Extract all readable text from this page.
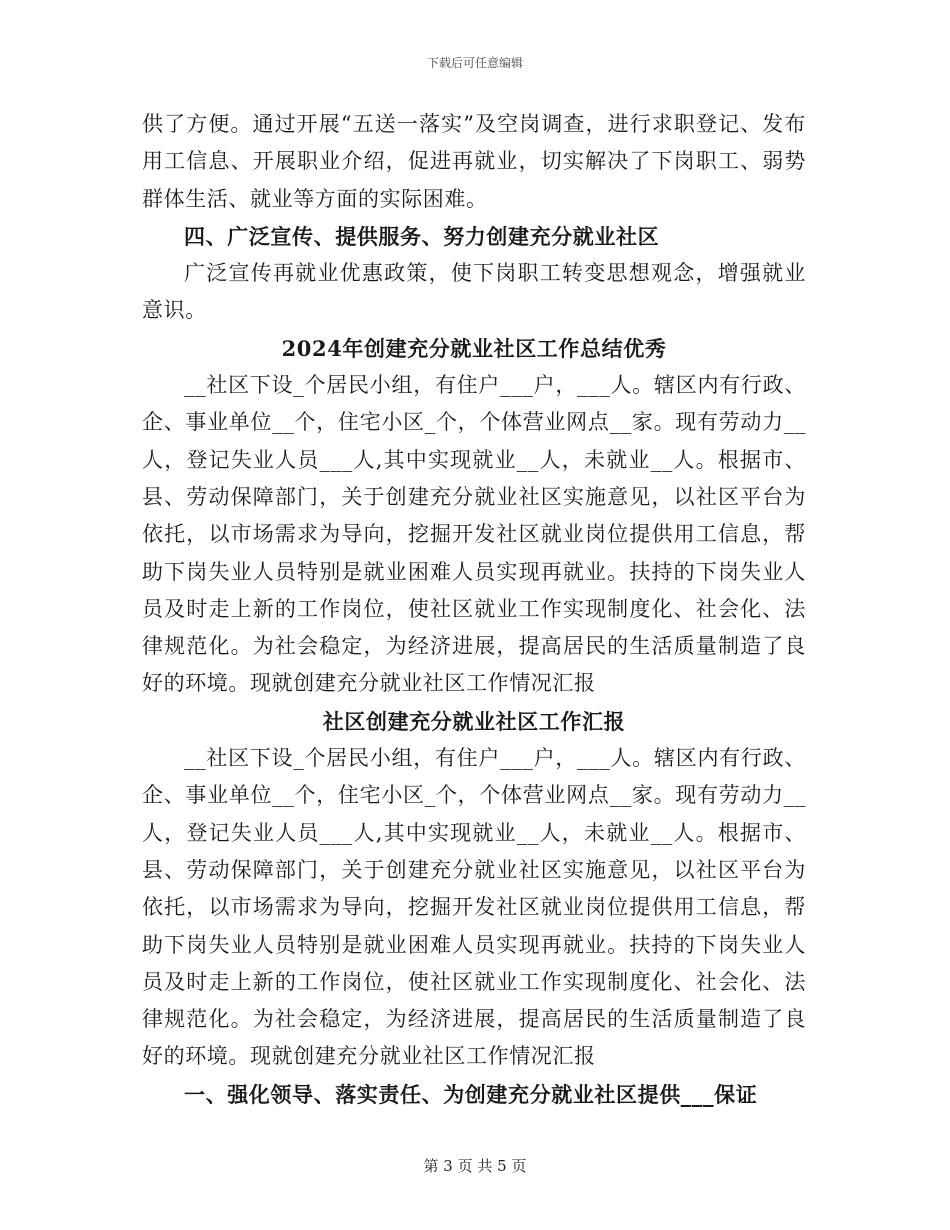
下载后可任意编辑

供了方便。通过开展“五送一落实”及空岗调查，进行求职登记、发布用工信息、开展职业介绍，促进再就业，切实解决了下岗职工、弱势群体生活、就业等方面的实际困难。

四、广泛宣传、提供服务、努力创建充分就业社区

广泛宣传再就业优惠政策，使下岗职工转变思想观念，增强就业意识。

2024年创建充分就业社区工作总结优秀

__社区下设_个居民小组，有住户___户，___人。辖区内有行政、企、事业单位__个，住宅小区_个，个体营业网点__家。现有劳动力__人，登记失业人员___人,其中实现就业__人，未就业__人。根据市、县、劳动保障部门，关于创建充分就业社区实施意见，以社区平台为依托，以市场需求为导向，挖掘开发社区就业岗位提供用工信息，帮助下岗失业人员特别是就业困难人员实现再就业。扶持的下岗失业人员及时走上新的工作岗位，使社区就业工作实现制度化、社会化、法律规范化。为社会稳定，为经济进展，提高居民的生活质量制造了良好的环境。现就创建充分就业社区工作情况汇报

社区创建充分就业社区工作汇报

__社区下设_个居民小组，有住户___户，___人。辖区内有行政、企、事业单位__个，住宅小区_个，个体营业网点__家。现有劳动力__人，登记失业人员___人,其中实现就业__人，未就业__人。根据市、县、劳动保障部门，关于创建充分就业社区实施意见，以社区平台为依托，以市场需求为导向，挖掘开发社区就业岗位提供用工信息，帮助下岗失业人员特别是就业困难人员实现再就业。扶持的下岗失业人员及时走上新的工作岗位，使社区就业工作实现制度化、社会化、法律规范化。为社会稳定，为经济进展，提高居民的生活质量制造了良好的环境。现就创建充分就业社区工作情况汇报

一、强化领导、落实责任、为创建充分就业社区提供___保证

第 3 页 共 5 页
